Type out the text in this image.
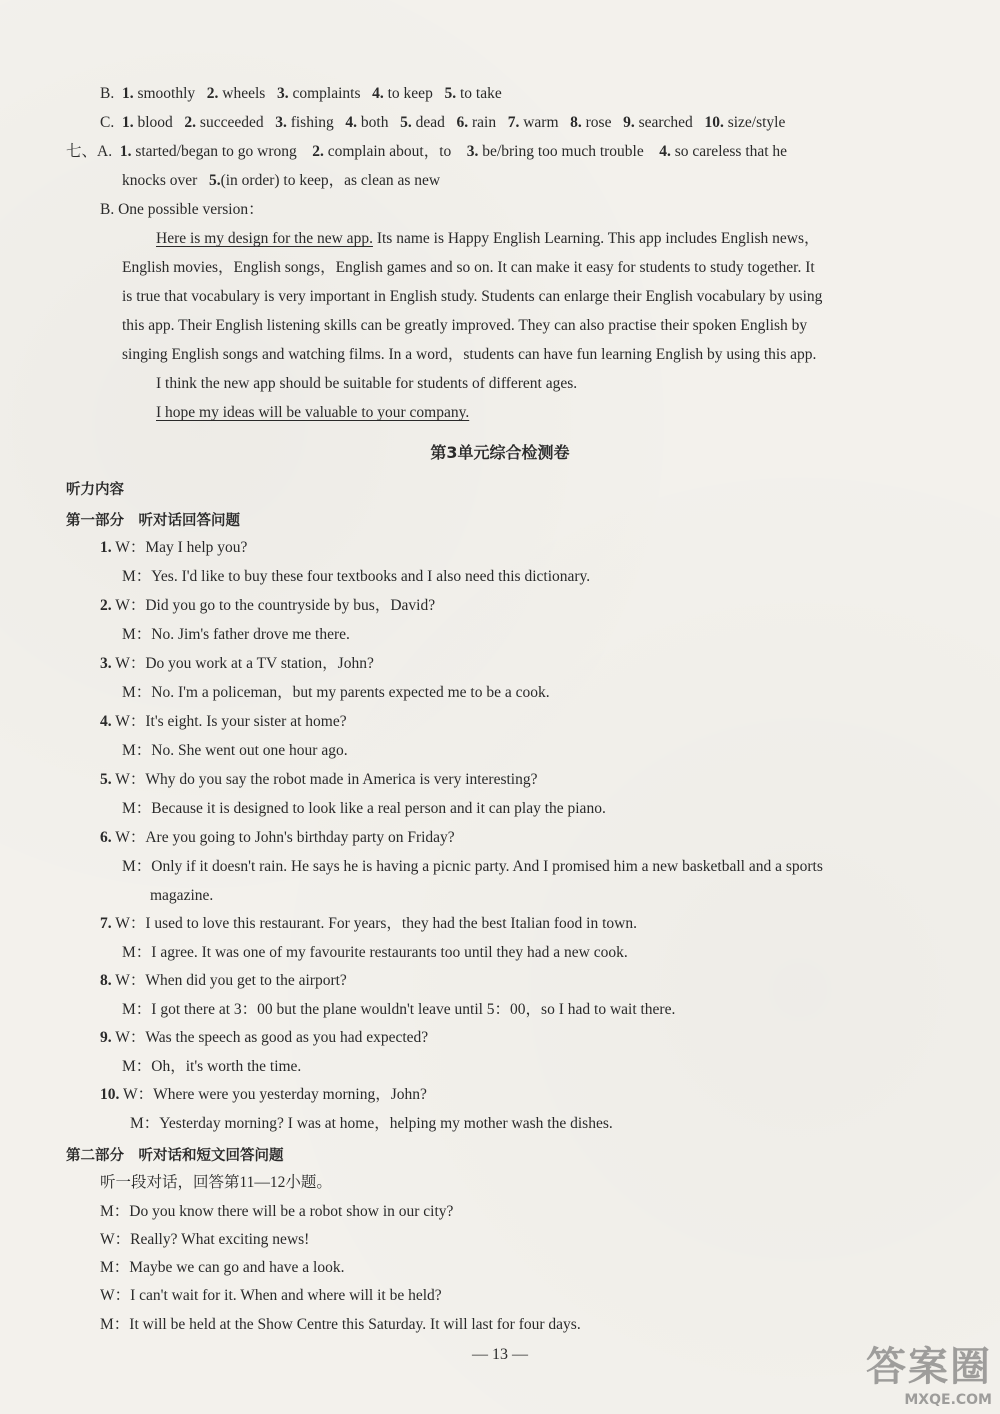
B. 1. smoothly 2. wheels 3. complaints 4. to keep 5. to take
C. 1. blood 2. succeeded 3. fishing 4. both 5. dead 6. rain 7. warm 8. rose 9. searched 10. size/style
七、A. 1. started/began to go wrong 2. complain about，to 3. be/bring too much trouble 4. so careless that he
knocks over 5.(in order) to keep，as clean as new
B. One possible version：
Here is my design for the new app. Its name is Happy English Learning. This app includes English news，
English movies，English songs，English games and so on. It can make it easy for students to study together. It
is true that vocabulary is very important in English study. Students can enlarge their English vocabulary by using
this app. Their English listening skills can be greatly improved. They can also practise their spoken English by
singing English songs and watching films. In a word，students can have fun learning English by using this app.
I think the new app should be suitable for students of different ages.
I hope my ideas will be valuable to your company.
第3单元综合检测卷
听力内容
第一部分　听对话回答问题
1. W：May I help you?
M：Yes. I'd like to buy these four textbooks and I also need this dictionary.
2. W：Did you go to the countryside by bus，David?
M：No. Jim's father drove me there.
3. W：Do you work at a TV station，John?
M：No. I'm a policeman，but my parents expected me to be a cook.
4. W：It's eight. Is your sister at home?
M：No. She went out one hour ago.
5. W：Why do you say the robot made in America is very interesting?
M：Because it is designed to look like a real person and it can play the piano.
6. W：Are you going to John's birthday party on Friday?
M：Only if it doesn't rain. He says he is having a picnic party. And I promised him a new basketball and a sports
magazine.
7. W：I used to love this restaurant. For years，they had the best Italian food in town.
M：I agree. It was one of my favourite restaurants too until they had a new cook.
8. W：When did you get to the airport?
M：I got there at 3：00 but the plane wouldn't leave until 5：00，so I had to wait there.
9. W：Was the speech as good as you had expected?
M：Oh，it's worth the time.
10. W：Where were you yesterday morning，John?
M：Yesterday morning? I was at home，helping my mother wash the dishes.
第二部分　听对话和短文回答问题
听一段对话，回答第11—12小题。
M：Do you know there will be a robot show in our city?
W：Really? What exciting news!
M：Maybe we can go and have a look.
W：I can't wait for it. When and where will it be held?
M：It will be held at the Show Centre this Saturday. It will last for four days.
— 13 —	答案圈
MXQE.COM
